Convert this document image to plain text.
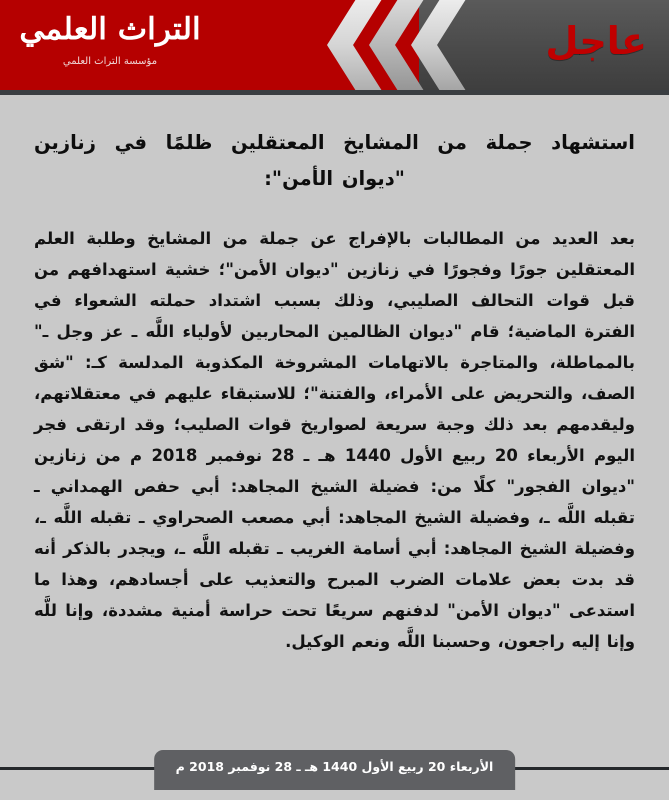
عاجل
التراث العلمي
مؤسسة التراث العلمي
استشهاد جملة من المشايخ المعتقلين ظلمًا في زنازين "ديوان الأمن":

بعد العديد من المطالبات بالإفراج عن جملة من المشايخ وطلبة العلم المعتقلين جورًا وفجورًا في زنازين "ديوان الأمن"؛ خشية استهدافهم من قبل قوات التحالف الصليبي، وذلك بسبب اشتداد حملته الشعواء في الفترة الماضية؛ قام "ديوان الظالمين المحاربين لأولياء اللَّه ـ عز وجل ـ" بالمماطلة، والمتاجرة بالاتهامات المشروخة المكذوبة المدلسة كـ: "شق الصف، والتحريض على الأمراء، والفتنة"؛ للاستبقاء عليهم في معتقلاتهم، وليقدمهم بعد ذلك وجبة سريعة لصواريخ قوات الصليب؛ وقد ارتقى فجر اليوم الأربعاء 20 ربيع الأول 1440 هـ ـ 28 نوفمبر 2018 م من زنازين "ديوان الفجور" كلًا من: فضيلة الشيخ المجاهد: أبي حفص الهمداني ـ تقبله اللَّه ـ، وفضيلة الشيخ المجاهد: أبي مصعب الصحراوي ـ تقبله اللَّه ـ، وفضيلة الشيخ المجاهد: أبي أسامة الغريب ـ تقبله اللَّه ـ، ويجدر بالذكر أنه قد بدت بعض علامات الضرب المبرح والتعذيب على أجسادهم، وهذا ما استدعى "ديوان الأمن" لدفنهم سريعًا تحت حراسة أمنية مشددة، وإنا للَّه وإنا إليه راجعون، وحسبنا اللَّه ونعم الوكيل.

الأربعاء 20 ربيع الأول 1440 هـ ـ 28 نوفمبر 2018 م
